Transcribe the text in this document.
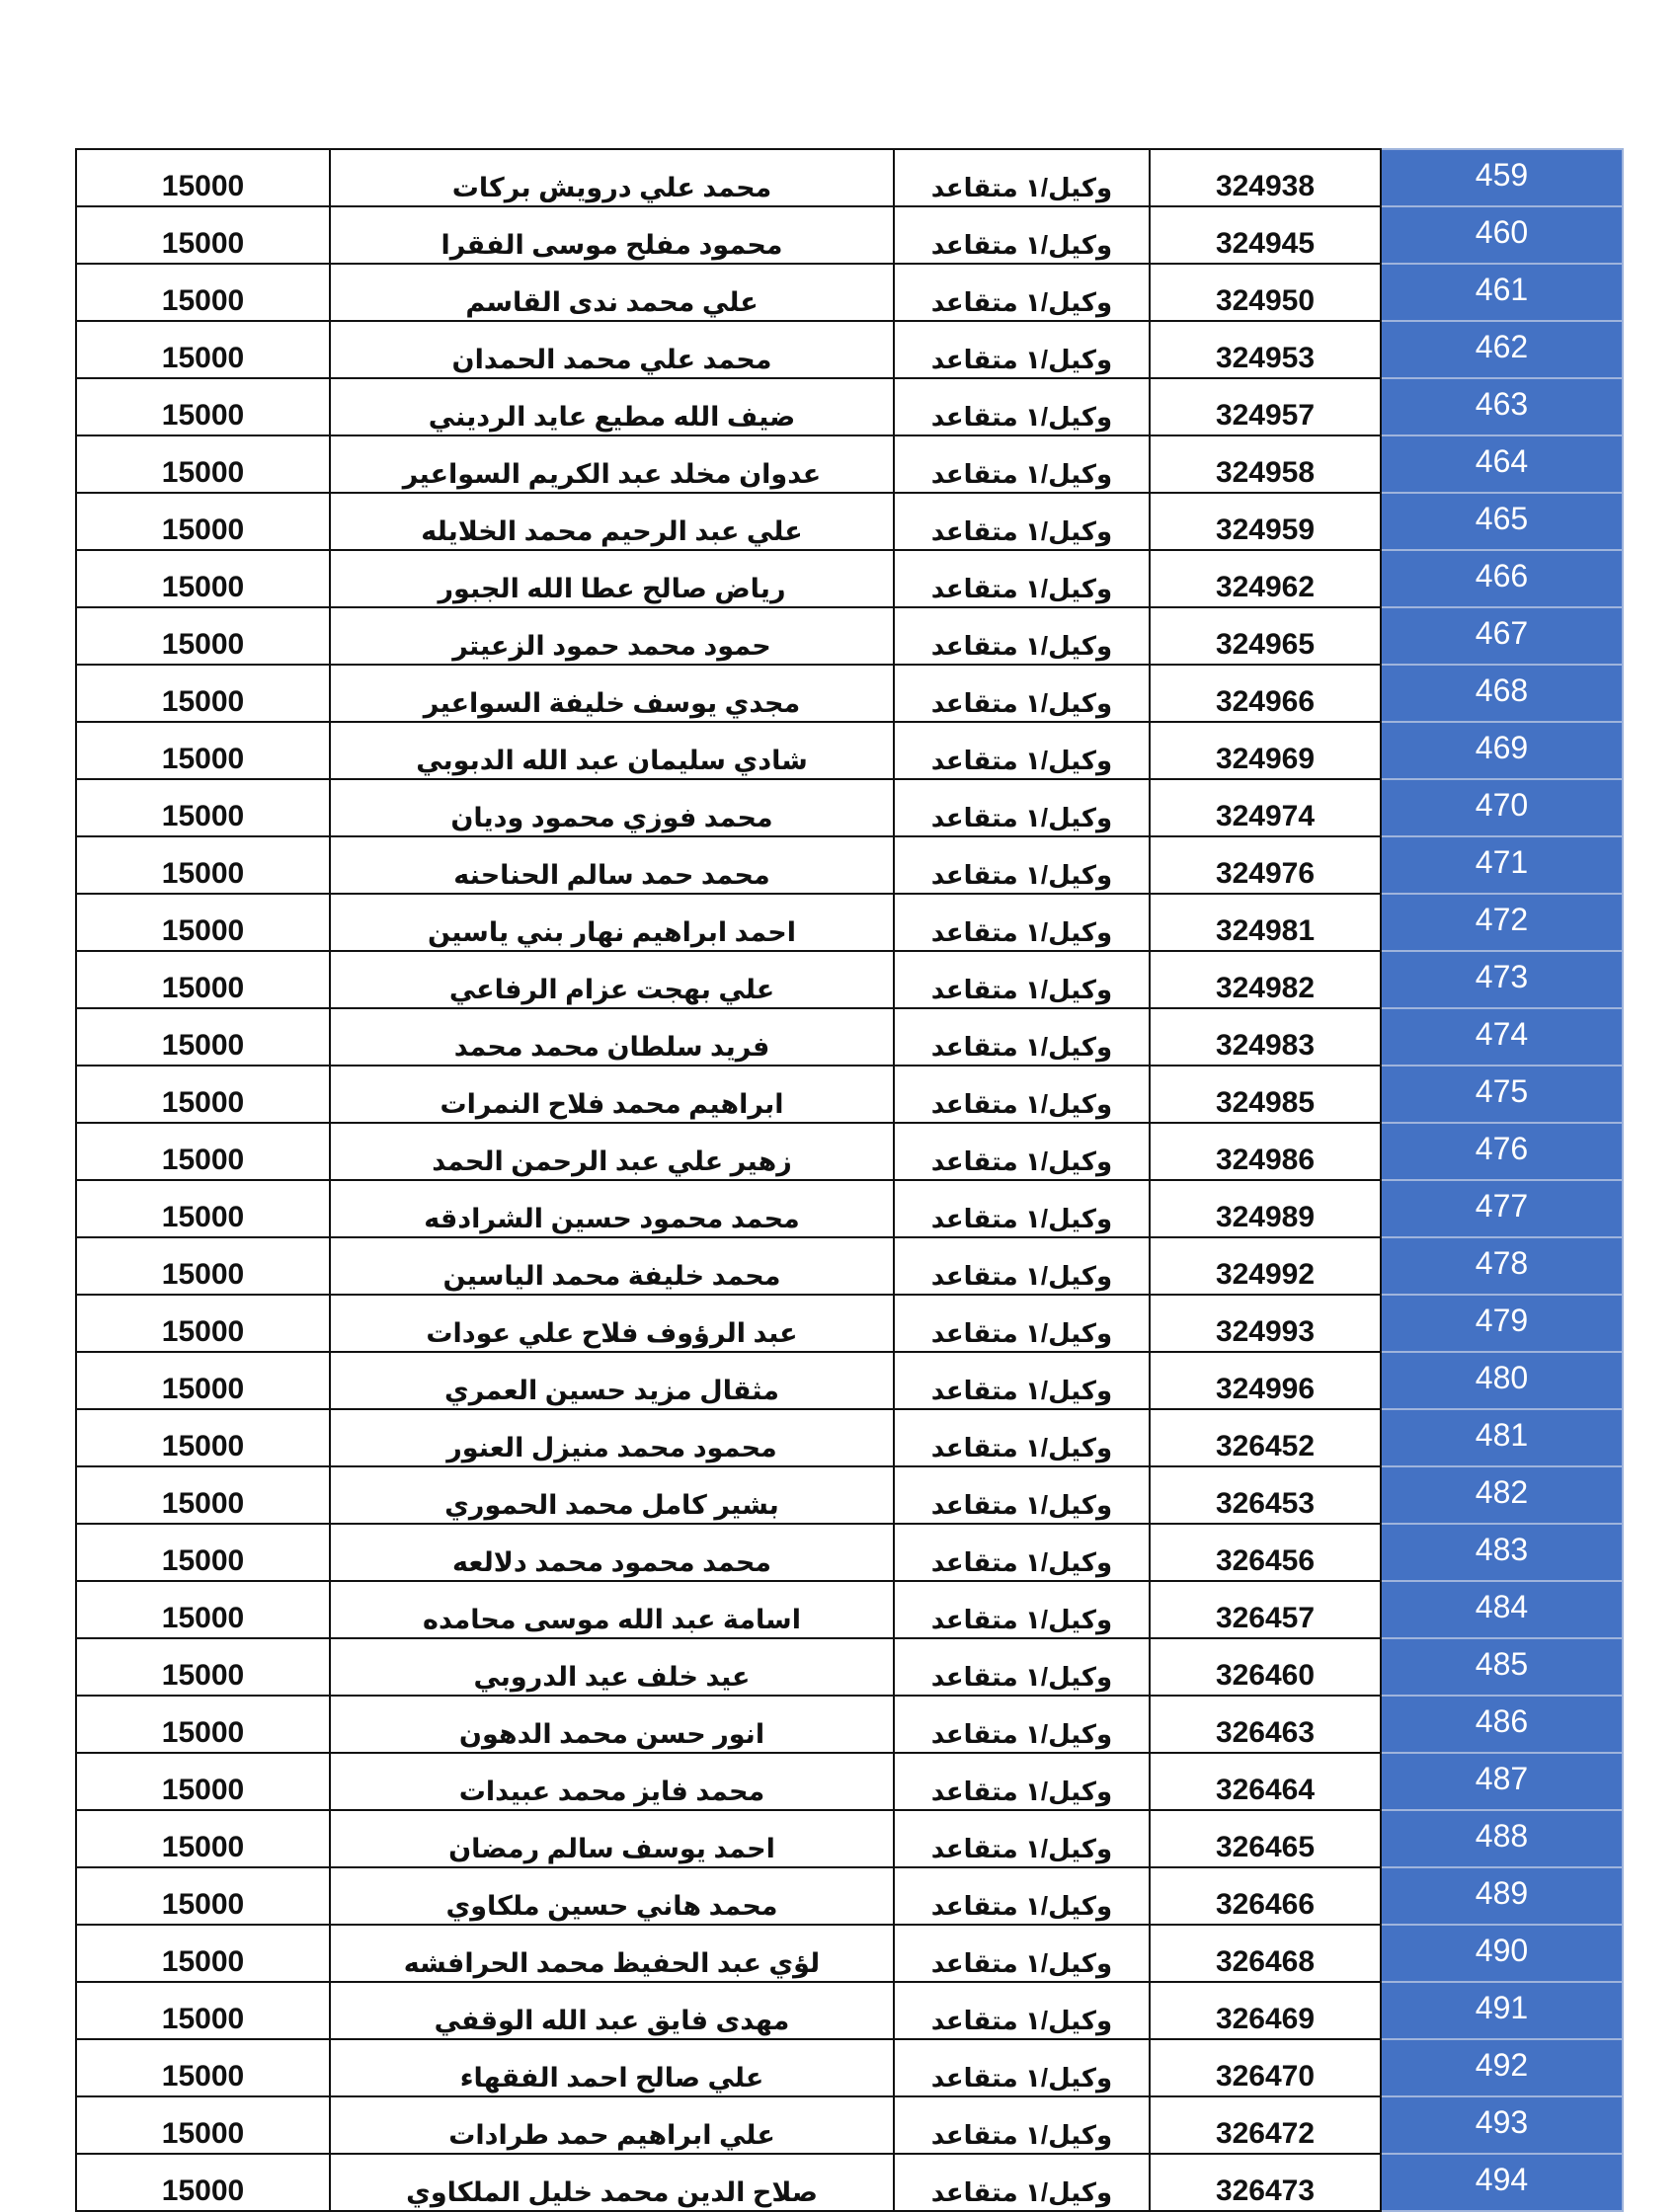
15000	محمد علي درويش بركات	وكيل/١ متقاعد	324938	459
15000	محمود مفلح موسى الفقرا	وكيل/١ متقاعد	324945	460
15000	علي محمد ندى القاسم	وكيل/١ متقاعد	324950	461
15000	محمد علي محمد الحمدان	وكيل/١ متقاعد	324953	462
15000	ضيف الله مطيع عايد الرديني	وكيل/١ متقاعد	324957	463
15000	عدوان مخلد عبد الكريم السواعير	وكيل/١ متقاعد	324958	464
15000	علي عبد الرحيم محمد الخلايله	وكيل/١ متقاعد	324959	465
15000	رياض صالح عطا الله الجبور	وكيل/١ متقاعد	324962	466
15000	حمود محمد حمود الزعيتر	وكيل/١ متقاعد	324965	467
15000	مجدي يوسف خليفة السواعير	وكيل/١ متقاعد	324966	468
15000	شادي سليمان عبد الله الدبوبي	وكيل/١ متقاعد	324969	469
15000	محمد فوزي محمود وديان	وكيل/١ متقاعد	324974	470
15000	محمد حمد سالم الحناحنه	وكيل/١ متقاعد	324976	471
15000	احمد ابراهيم نهار بني ياسين	وكيل/١ متقاعد	324981	472
15000	علي بهجت عزام الرفاعي	وكيل/١ متقاعد	324982	473
15000	فريد سلطان محمد محمد	وكيل/١ متقاعد	324983	474
15000	ابراهيم محمد فلاح النمرات	وكيل/١ متقاعد	324985	475
15000	زهير علي عبد الرحمن الحمد	وكيل/١ متقاعد	324986	476
15000	محمد محمود حسين الشرادقه	وكيل/١ متقاعد	324989	477
15000	محمد خليفة محمد الياسين	وكيل/١ متقاعد	324992	478
15000	عبد الرؤوف فلاح علي عودات	وكيل/١ متقاعد	324993	479
15000	مثقال مزيد حسين العمري	وكيل/١ متقاعد	324996	480
15000	محمود محمد منيزل العنور	وكيل/١ متقاعد	326452	481
15000	بشير كامل محمد الحموري	وكيل/١ متقاعد	326453	482
15000	محمد محمود محمد دلالعه	وكيل/١ متقاعد	326456	483
15000	اسامة عبد الله موسى محامده	وكيل/١ متقاعد	326457	484
15000	عيد خلف عيد الدروبي	وكيل/١ متقاعد	326460	485
15000	انور حسن محمد الدهون	وكيل/١ متقاعد	326463	486
15000	محمد فايز محمد عبيدات	وكيل/١ متقاعد	326464	487
15000	احمد يوسف سالم رمضان	وكيل/١ متقاعد	326465	488
15000	محمد هاني حسين ملكاوي	وكيل/١ متقاعد	326466	489
15000	لؤي عبد الحفيظ محمد الحرافشه	وكيل/١ متقاعد	326468	490
15000	مهدى فايق عبد الله الوقفي	وكيل/١ متقاعد	326469	491
15000	علي صالح احمد الفقهاء	وكيل/١ متقاعد	326470	492
15000	علي ابراهيم حمد طرادات	وكيل/١ متقاعد	326472	493
15000	صلاح الدين محمد خليل الملكاوي	وكيل/١ متقاعد	326473	494
